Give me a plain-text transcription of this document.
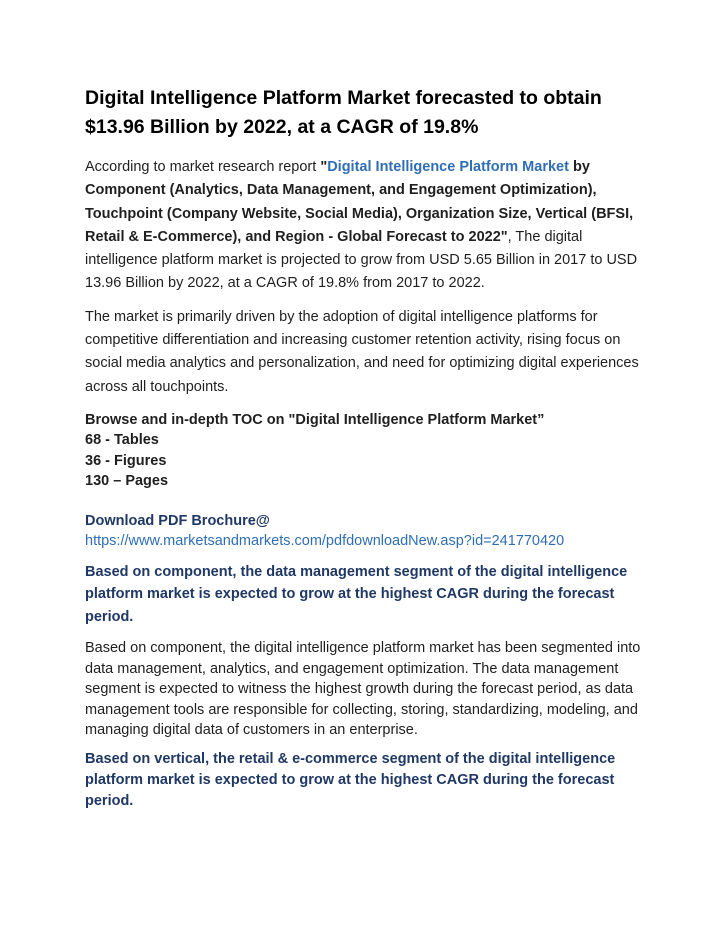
Digital Intelligence Platform Market forecasted to obtain $13.96 Billion by 2022, at a CAGR of 19.8%

According to market research report "Digital Intelligence Platform Market by Component (Analytics, Data Management, and Engagement Optimization), Touchpoint (Company Website, Social Media), Organization Size, Vertical (BFSI, Retail & E-Commerce), and Region - Global Forecast to 2022", The digital intelligence platform market is projected to grow from USD 5.65 Billion in 2017 to USD 13.96 Billion by 2022, at a CAGR of 19.8% from 2017 to 2022.

The market is primarily driven by the adoption of digital intelligence platforms for competitive differentiation and increasing customer retention activity, rising focus on social media analytics and personalization, and need for optimizing digital experiences across all touchpoints.

Browse and in-depth TOC on "Digital Intelligence Platform Market”
68 - Tables
36 - Figures
130 – Pages
Download PDF Brochure@
https://www.marketsandmarkets.com/pdfdownloadNew.asp?id=241770420

Based on component, the data management segment of the digital intelligence platform market is expected to grow at the highest CAGR during the forecast period.

Based on component, the digital intelligence platform market has been segmented into data management, analytics, and engagement optimization. The data management segment is expected to witness the highest growth during the forecast period, as data management tools are responsible for collecting, storing, standardizing, modeling, and managing digital data of customers in an enterprise.

Based on vertical, the retail & e-commerce segment of the digital intelligence platform market is expected to grow at the highest CAGR during the forecast period.
